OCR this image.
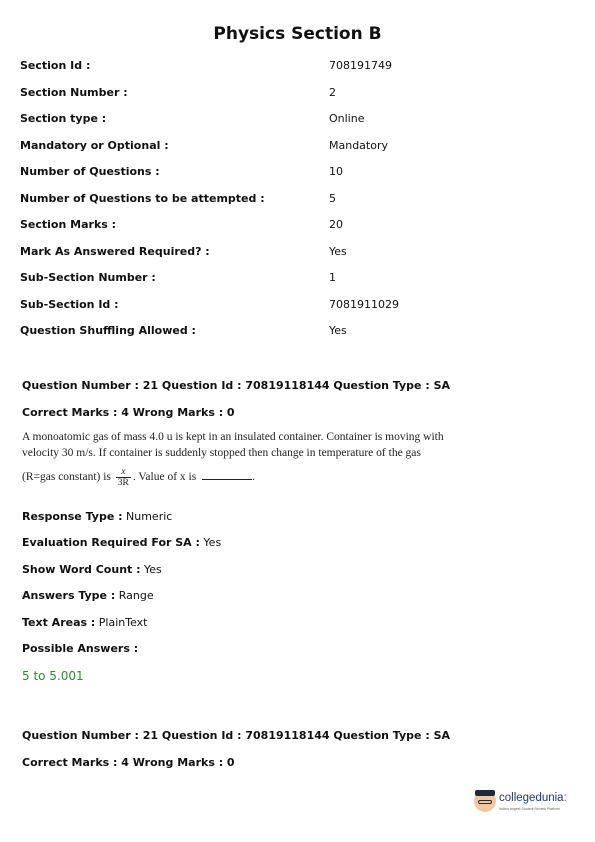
Physics Section B
Section Id :	708191749
Section Number :	2
Section type :	Online
Mandatory or Optional :	Mandatory
Number of Questions :	10
Number of Questions to be attempted :	5
Section Marks :	20
Mark As Answered Required? :	Yes
Sub-Section Number :	1
Sub-Section Id :	7081911029
Question Shuffling Allowed :	Yes
Question Number : 21 Question Id : 70819118144 Question Type : SA
Correct Marks : 4 Wrong Marks : 0
A monoatomic gas of mass 4.0 u is kept in an insulated container. Container is moving with
velocity 30 m/s. If container is suddenly stopped then change in temperature of the gas
(R=gas constant) is $\frac{x}{3R}$ . Value of x is	.
Response Type : Numeric
Evaluation Required For SA : Yes
Show Word Count : Yes
Answers Type : Range
Text Areas : PlainText
Possible Answers :
5 to 5.001
Question Number : 21 Question Id : 70819118144 Question Type : SA
Correct Marks : 4 Wrong Marks : 0
collegedunia:
India's largest Student Review Platform
